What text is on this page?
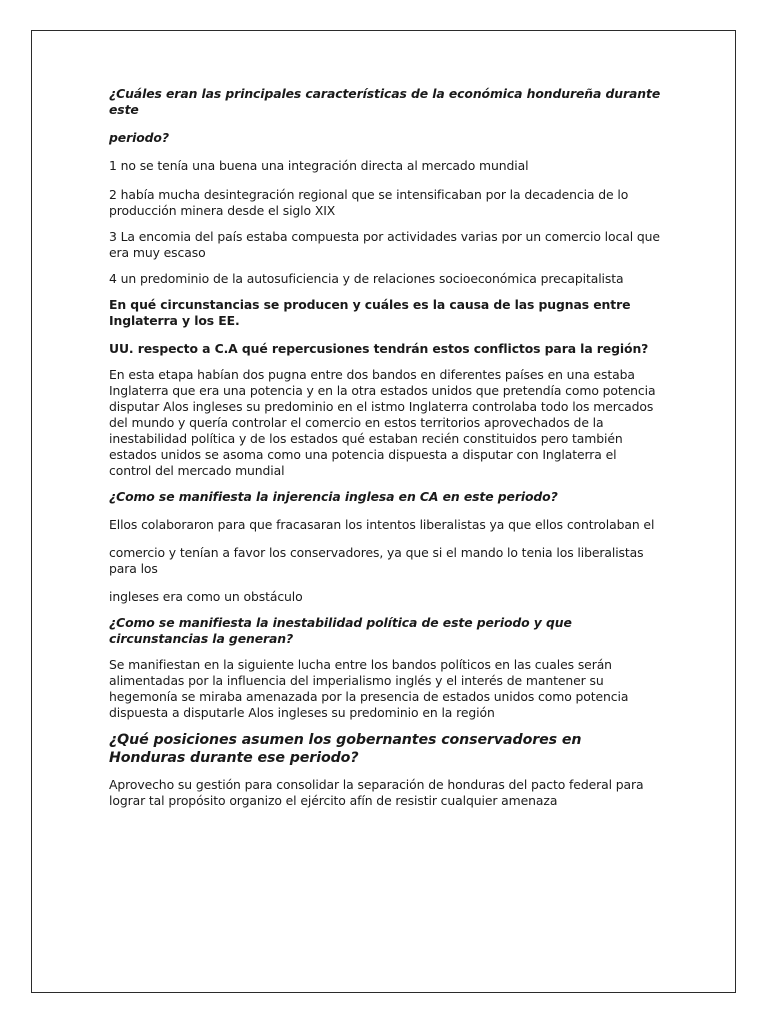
¿Cuáles eran las principales características de la económica hondureña durante este

periodo?

1 no se tenía una buena una integración directa al mercado mundial

2 había mucha desintegración regional que se intensificaban por la decadencia de lo producción minera desde el siglo XIX

3 La encomia del país estaba compuesta por actividades varias por un comercio local que era muy escaso

4 un predominio de la autosuficiencia y de relaciones socioeconómica precapitalista

En qué circunstancias se producen y cuáles es la causa de las pugnas entre Inglaterra y los EE.

UU. respecto a C.A qué repercusiones tendrán estos conflictos para la región?

En esta etapa habían dos pugna entre dos bandos en diferentes países en una estaba Inglaterra que era una potencia y en la otra estados unidos que pretendía como potencia disputar Alos ingleses su predominio en el istmo Inglaterra controlaba todo los mercados del mundo y quería controlar el comercio en estos territorios aprovechados de la inestabilidad política y de los estados qué estaban recién constituidos pero también estados unidos se asoma como una potencia dispuesta a disputar con Inglaterra el control del mercado mundial

¿Como se manifiesta la injerencia inglesa en CA en este periodo?

Ellos colaboraron para que fracasaran los intentos liberalistas ya que ellos controlaban el

comercio y tenían a favor los conservadores, ya que si el mando lo tenia los liberalistas para los

ingleses era como un obstáculo

¿Como se manifiesta la inestabilidad política de este periodo y que circunstancias la generan?

Se manifiestan en la siguiente lucha entre los bandos políticos en las cuales serán alimentadas por la influencia del imperialismo inglés y el interés de mantener su hegemonía se miraba amenazada por la presencia de estados unidos como potencia dispuesta a disputarle Alos ingleses su predominio en la región

¿Qué posiciones asumen los gobernantes conservadores en Honduras durante ese periodo?

Aprovecho su gestión para consolidar la separación de honduras del pacto federal para lograr tal propósito organizo el ejército afín de resistir cualquier amenaza
